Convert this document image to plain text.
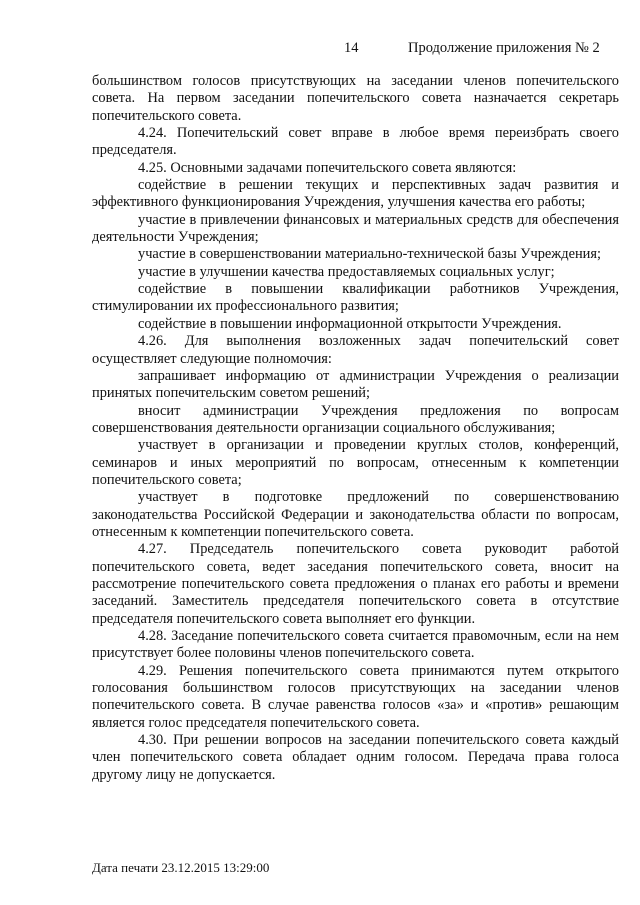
14	Продолжение приложения № 2

большинством голосов присутствующих на заседании членов попечительского совета. На первом заседании попечительского совета назначается секретарь попечительского совета.

4.24. Попечительский совет вправе в любое время переизбрать своего председателя.

4.25. Основными задачами попечительского совета являются:

содействие в решении текущих и перспективных задач развития и эффективного функционирования Учреждения, улучшения качества его работы;

участие в привлечении финансовых и материальных средств для обеспечения деятельности Учреждения;

участие в совершенствовании материально-технической базы Учреждения;

участие в улучшении качества предоставляемых социальных услуг;

содействие в повышении квалификации работников Учреждения, стимулировании их профессионального развития;

содействие в повышении информационной открытости Учреждения.

4.26. Для выполнения возложенных задач попечительский совет осуществляет следующие полномочия:

запрашивает информацию от администрации Учреждения о реализации принятых попечительским советом решений;

вносит администрации Учреждения предложения по вопросам совершенствования деятельности организации социального обслуживания;

участвует в организации и проведении круглых столов, конференций, семинаров и иных мероприятий по вопросам, отнесенным к компетенции попечительского совета;

участвует в подготовке предложений по совершенствованию законодательства Российской Федерации и законодательства области по вопросам, отнесенным к компетенции попечительского совета.

4.27. Председатель попечительского совета руководит работой попечительского совета, ведет заседания попечительского совета, вносит на рассмотрение попечительского совета предложения о планах его работы и времени заседаний. Заместитель председателя попечительского совета в отсутствие председателя попечительского совета выполняет его функции.

4.28. Заседание попечительского совета считается правомочным, если на нем присутствует более половины членов попечительского совета.

4.29. Решения попечительского совета принимаются путем открытого голосования большинством голосов присутствующих на заседании членов попечительского совета. В случае равенства голосов «за» и «против» решающим является голос председателя попечительского совета.

4.30. При решении вопросов на заседании попечительского совета каждый член попечительского совета обладает одним голосом. Передача права голоса другому лицу не допускается.

Дата печати 23.12.2015 13:29:00
